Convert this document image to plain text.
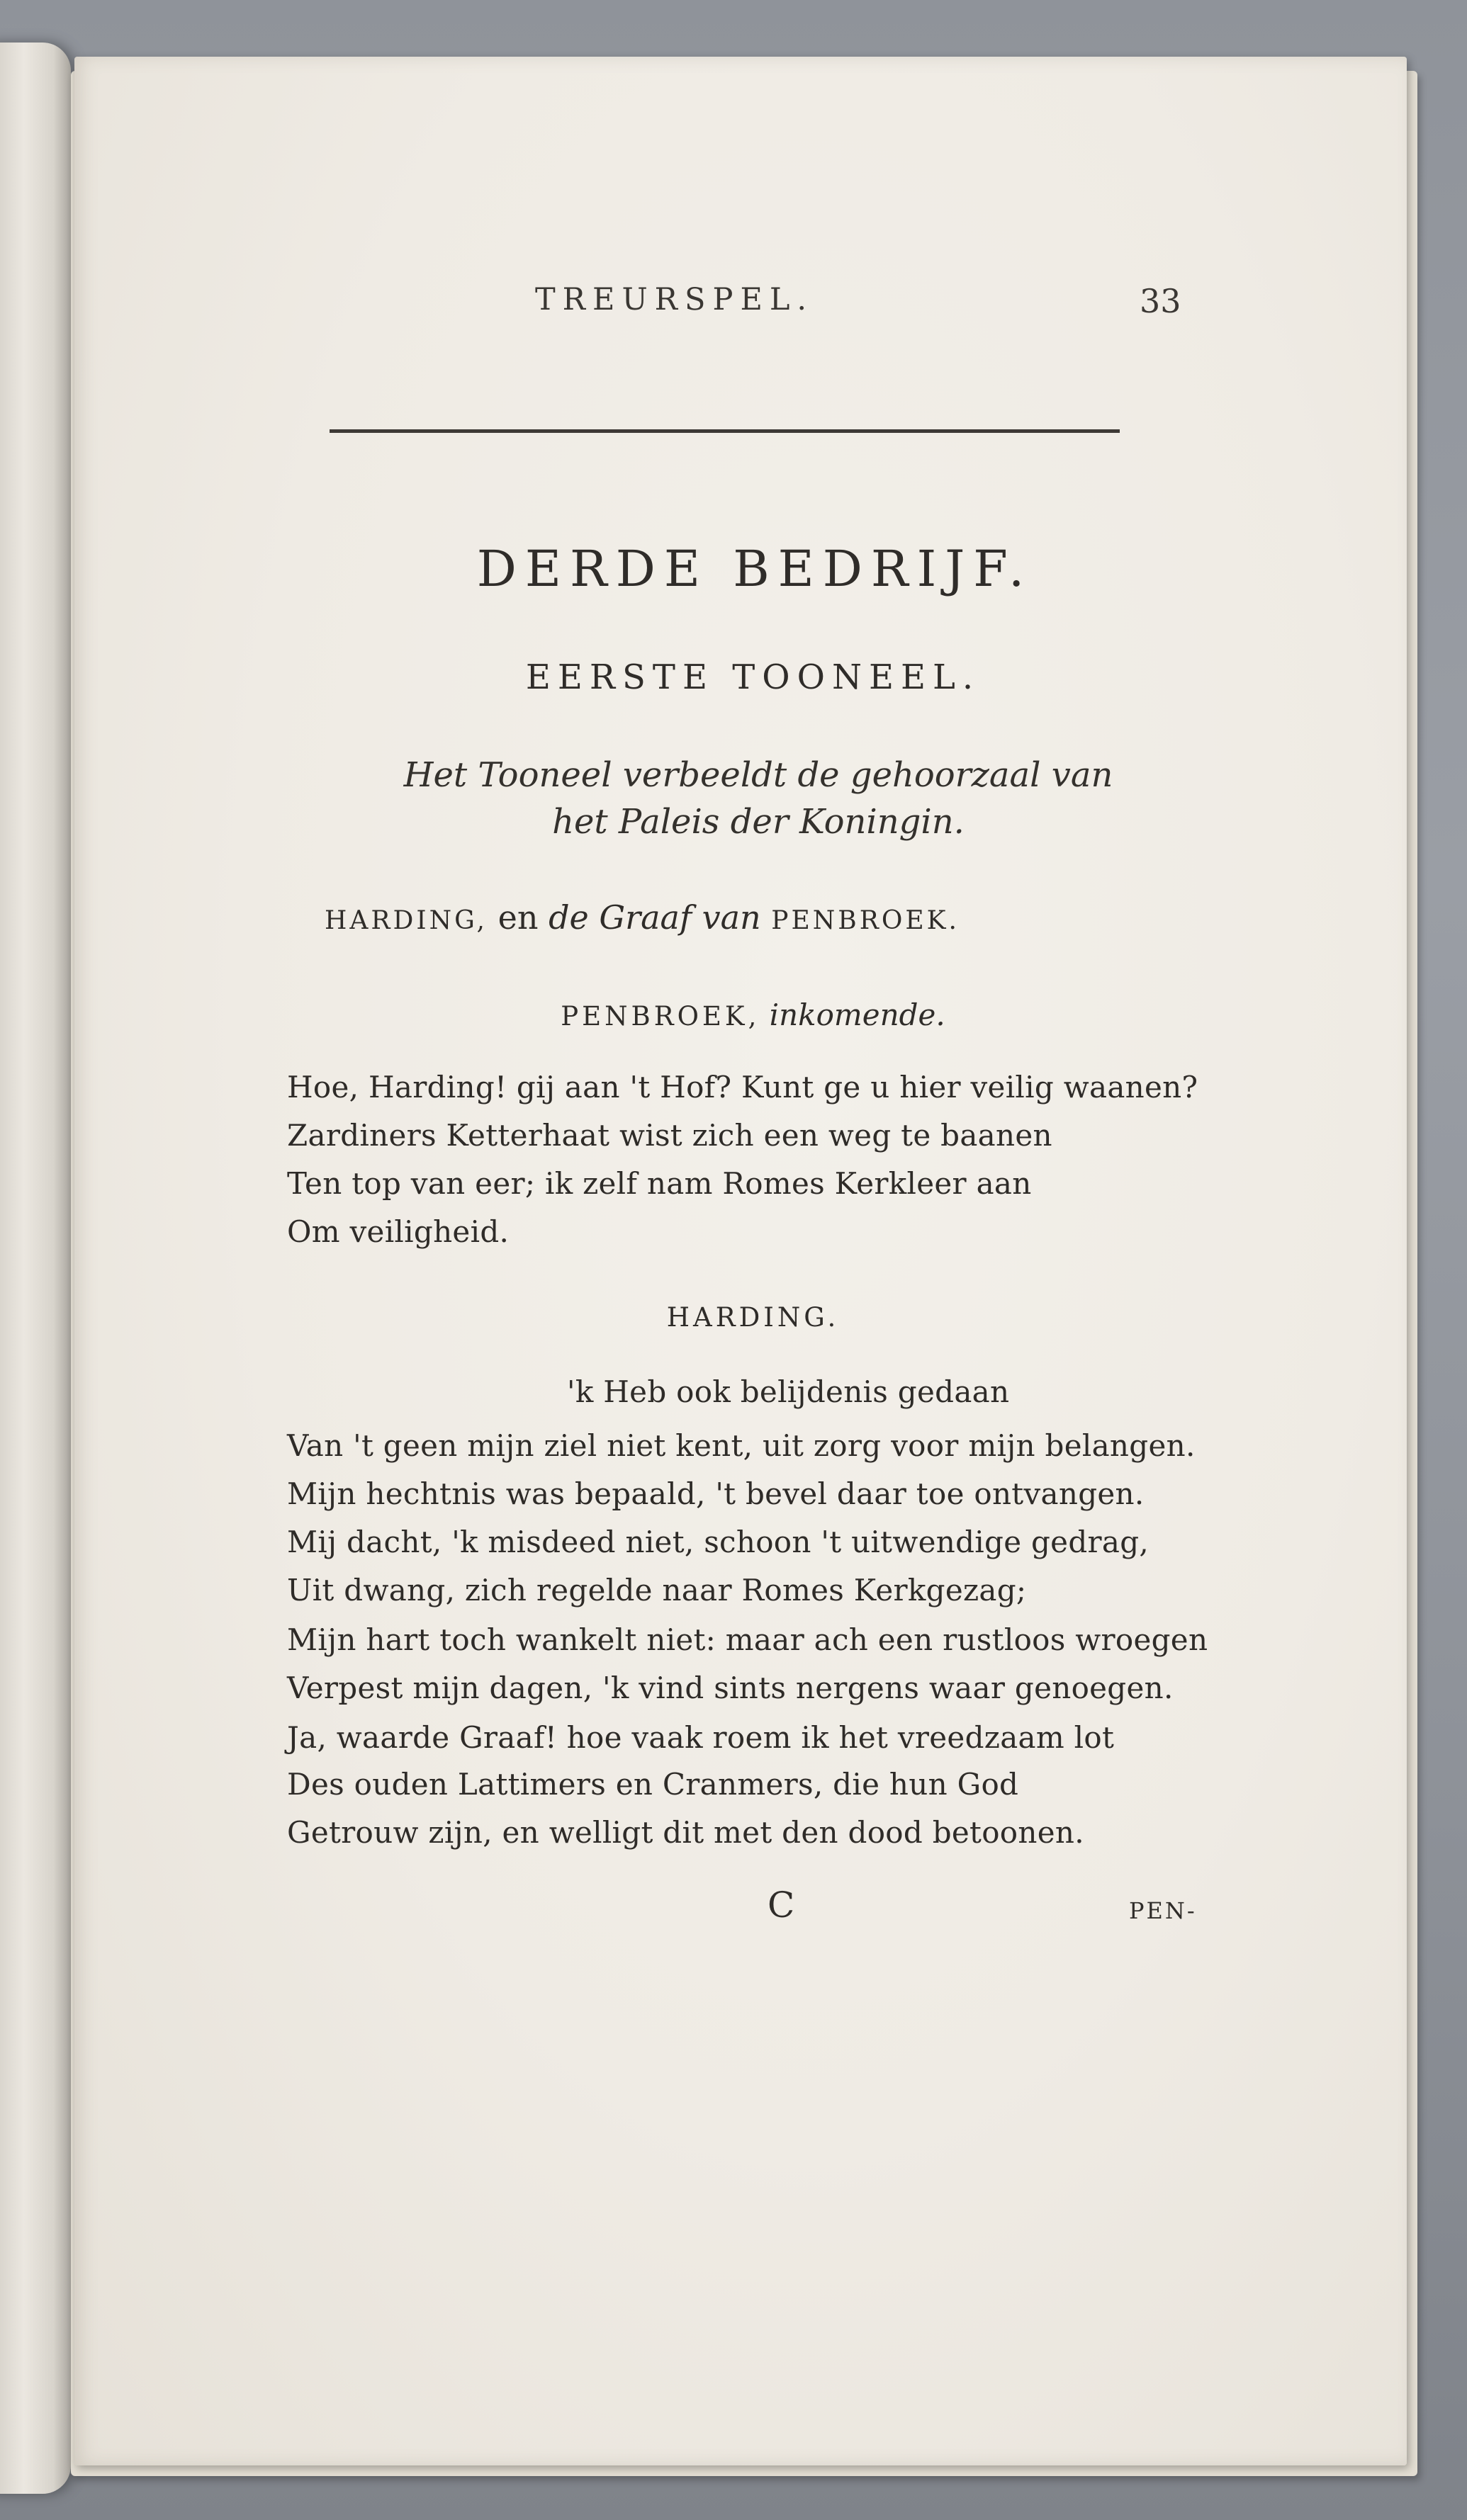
TREURSPEL.	33
DERDE BEDRIJF.
EERSTE TOONEEL.
Het Tooneel verbeeldt de gehoorzaal van
het Paleis der Koningin.
HARDING, en de Graaf van PENBROEK.
PENBROEK, inkomende.
Hoe, Harding! gij aan 't Hof? Kunt ge u hier veilig waanen?
Zardiners Ketterhaat wist zich een weg te baanen
Ten top van eer; ik zelf nam Romes Kerkleer aan
Om veiligheid.
HARDING.
'k Heb ook belijdenis gedaan
Van 't geen mijn ziel niet kent, uit zorg voor mijn belangen.
Mijn hechtnis was bepaald, 't bevel daar toe ontvangen.
Mij dacht, 'k misdeed niet, schoon 't uitwendige gedrag,
Uit dwang, zich regelde naar Romes Kerkgezag;
Mijn hart toch wankelt niet: maar ach een rustloos wroegen
Verpest mijn dagen, 'k vind sints nergens waar genoegen.
Ja, waarde Graaf! hoe vaak roem ik het vreedzaam lot
Des ouden Lattimers en Cranmers, die hun God
Getrouw zijn, en welligt dit met den dood betoonen.
C	PEN-
